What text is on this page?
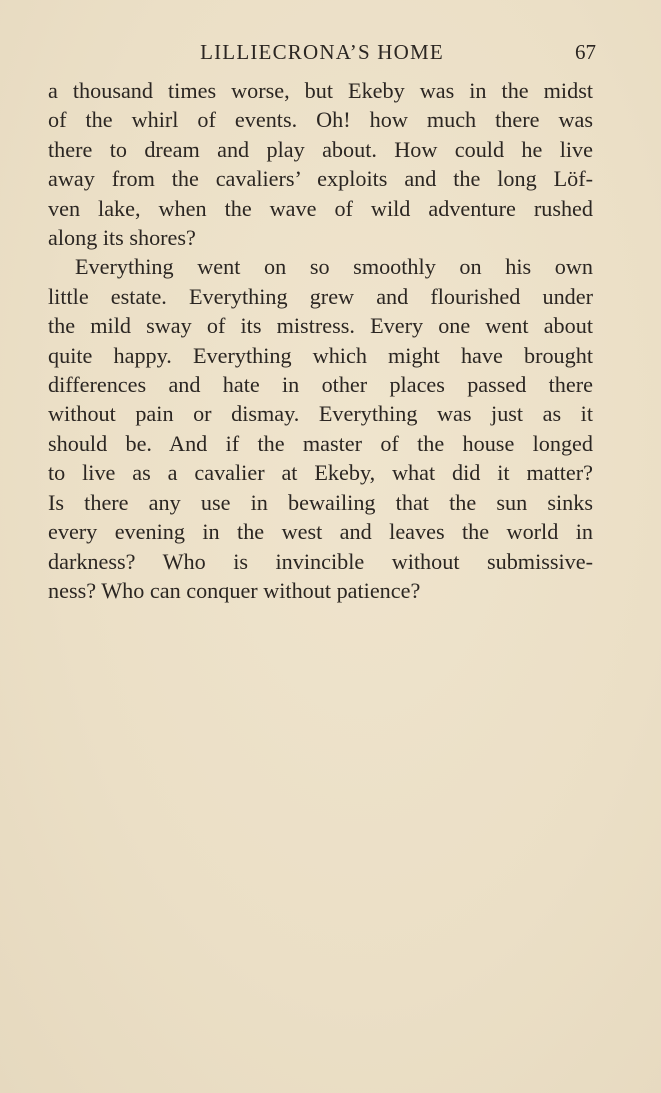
LILLIECRONA’S HOME	67

a thousand times worse, but Ekeby was in the midst
of the whirl of events. Oh! how much there was
there to dream and play about. How could he live
away from the cavaliers’ exploits and the long Löf-
ven lake, when the wave of wild adventure rushed
along its shores?

Everything went on so smoothly on his own
little estate. Everything grew and flourished under
the mild sway of its mistress. Every one went about
quite happy. Everything which might have brought
differences and hate in other places passed there
without pain or dismay. Everything was just as it
should be. And if the master of the house longed
to live as a cavalier at Ekeby, what did it matter?
Is there any use in bewailing that the sun sinks
every evening in the west and leaves the world in
darkness? Who is invincible without submissive-
ness? Who can conquer without patience?
